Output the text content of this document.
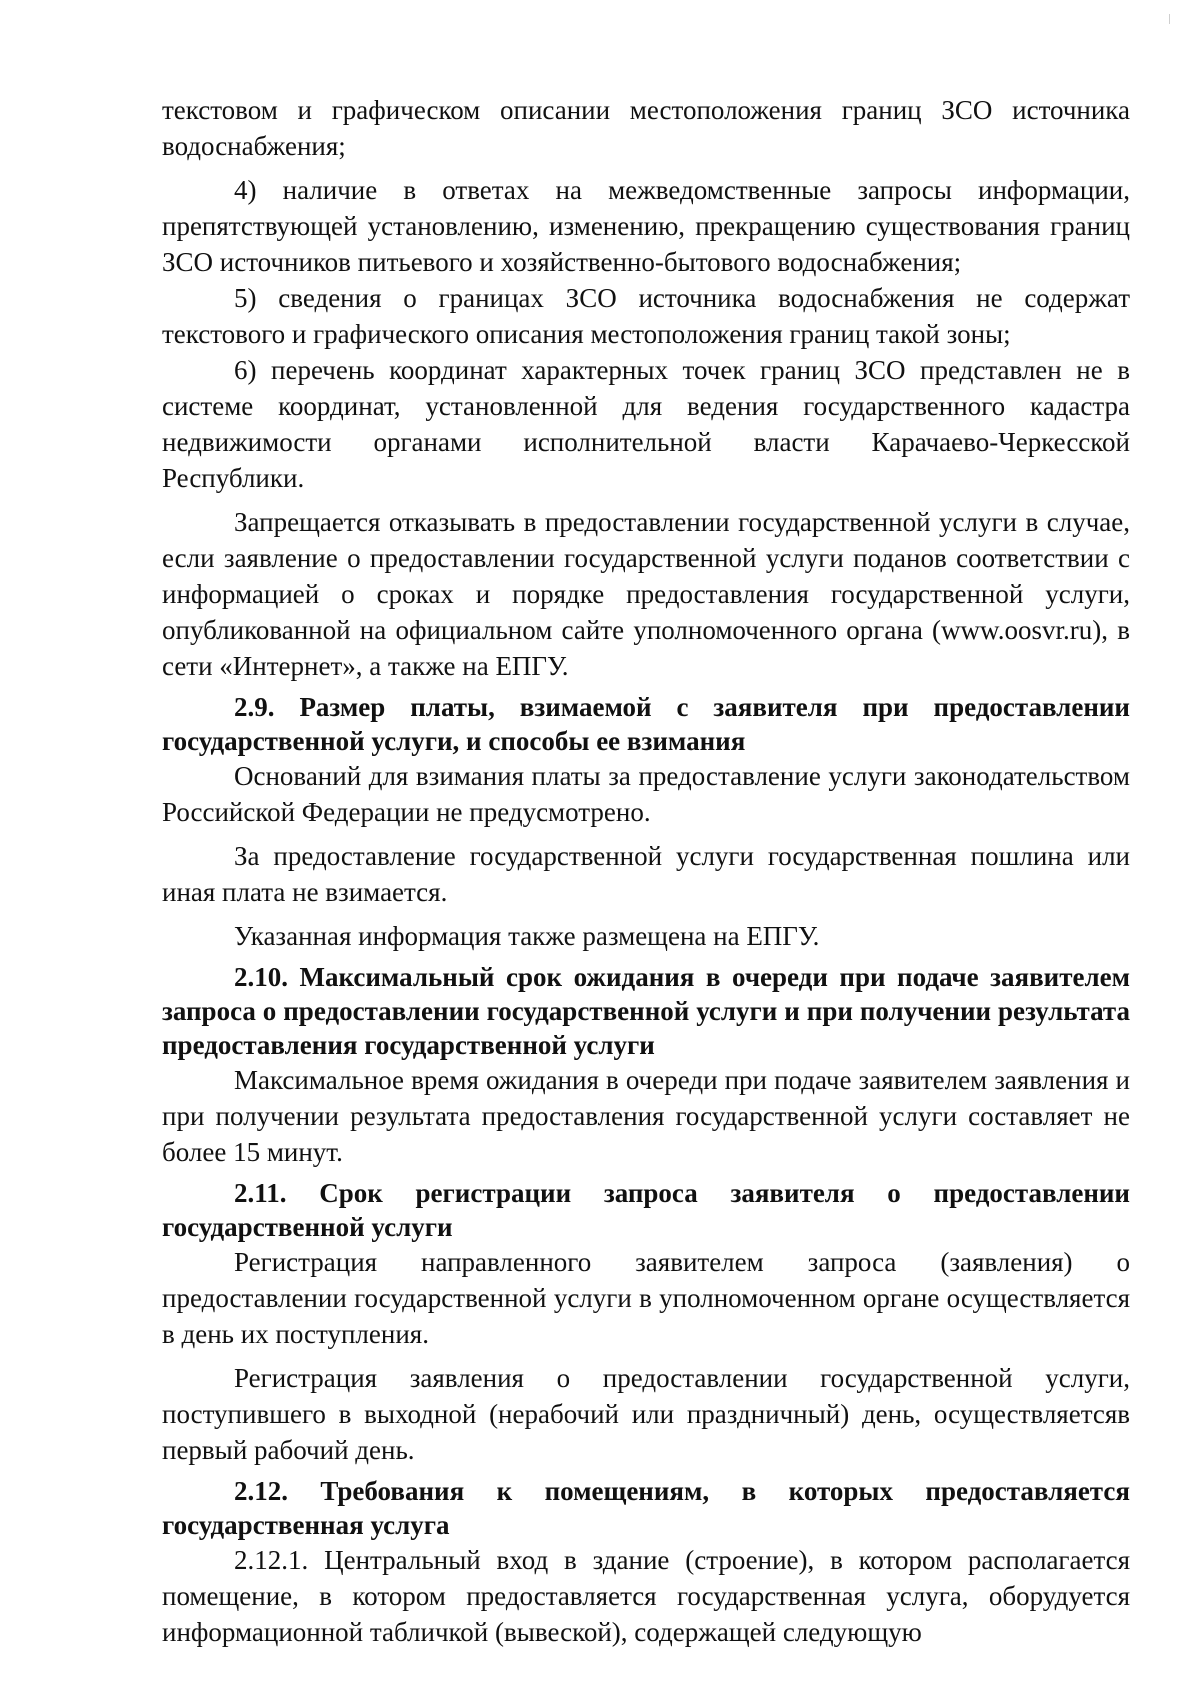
текстовом и графическом описании местоположения границ ЗСО источника водоснабжения;

4) наличие в ответах на межведомственные запросы информации, препятствующей установлению, изменению, прекращению существования границ ЗСО источников питьевого и хозяйственно-бытового водоснабжения;

5) сведения о границах ЗСО источника водоснабжения не содержат текстового и графического описания местоположения границ такой зоны;

6) перечень координат характерных точек границ ЗСО представлен не в системе координат, установленной для ведения государственного кадастра недвижимости органами исполнительной власти Карачаево-Черкесской Республики.

Запрещается отказывать в предоставлении государственной услуги в случае, если заявление о предоставлении государственной услуги поданов соответствии с информацией о сроках и порядке предоставления государственной услуги, опубликованной на официальном сайте уполномоченного органа (www.oosvr.ru), в сети «Интернет», а также на ЕПГУ.

2.9. Размер платы, взимаемой с заявителя при предоставлении государственной услуги, и способы ее взимания

Оснований для взимания платы за предоставление услуги законодательством Российской Федерации не предусмотрено.

За предоставление государственной услуги государственная пошлина или иная плата не взимается.

Указанная информация также размещена на ЕПГУ.

2.10. Максимальный срок ожидания в очереди при подаче заявителем запроса о предоставлении государственной услуги и при получении результата предоставления государственной услуги

Максимальное время ожидания в очереди при подаче заявителем заявления и при получении результата предоставления государственной услуги составляет не более 15 минут.

2.11. Срок регистрации запроса заявителя о предоставлении государственной услуги

Регистрация направленного заявителем запроса (заявления) о предоставлении государственной услуги в уполномоченном органе осуществляется в день их поступления.

Регистрация заявления о предоставлении государственной услуги, поступившего в выходной (нерабочий или праздничный) день, осуществляетсяв первый рабочий день.

2.12. Требования к помещениям, в которых предоставляется государственная услуга

2.12.1. Центральный вход в здание (строение), в котором располагается помещение, в котором предоставляется государственная услуга, оборудуется информационной табличкой (вывеской), содержащей следующую
